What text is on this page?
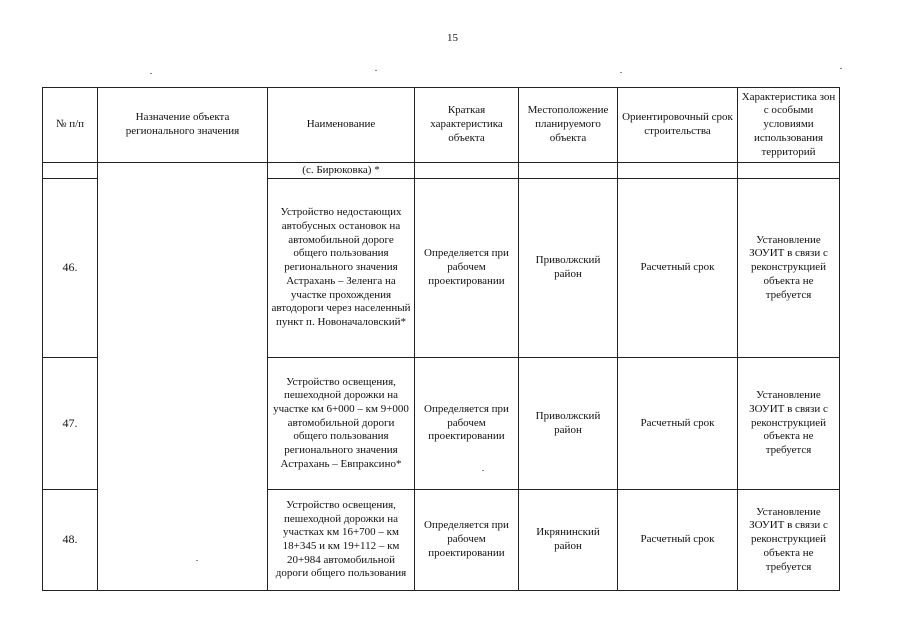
15
№ п/п	Назначение объекта регионального значения	Наименование	Краткая характеристика объекта	Местоположение планируемого объекта	Ориентировочный срок строительства	Характеристика зон с особыми условиями использования территорий
		(с. Бирюковка) *				
46.		Устройство недостающих автобусных остановок на автомобильной дороге общего пользования регионального значения Астрахань – Зеленга на участке прохождения автодороги через населенный пункт п. Новоначаловский*	Определяется при рабочем проектировании	Приволжский район	Расчетный срок	Установление ЗОУИТ в связи с реконструкцией объекта не требуется
47.		Устройство освещения, пешеходной дорожки на участке км 6+000 – км 9+000 автомобильной дороги общего пользования регионального значения Астрахань – Евпраксино*	Определяется при рабочем проектировании	Приволжский район	Расчетный срок	Установление ЗОУИТ в связи с реконструкцией объекта не требуется
48.		Устройство освещения, пешеходной дорожки на участках км 16+700 – км 18+345 и км 19+112 – км 20+984 автомобильной дороги общего пользования	Определяется при рабочем проектировании	Икрянинский район	Расчетный срок	Установление ЗОУИТ в связи с реконструкцией объекта не требуется
